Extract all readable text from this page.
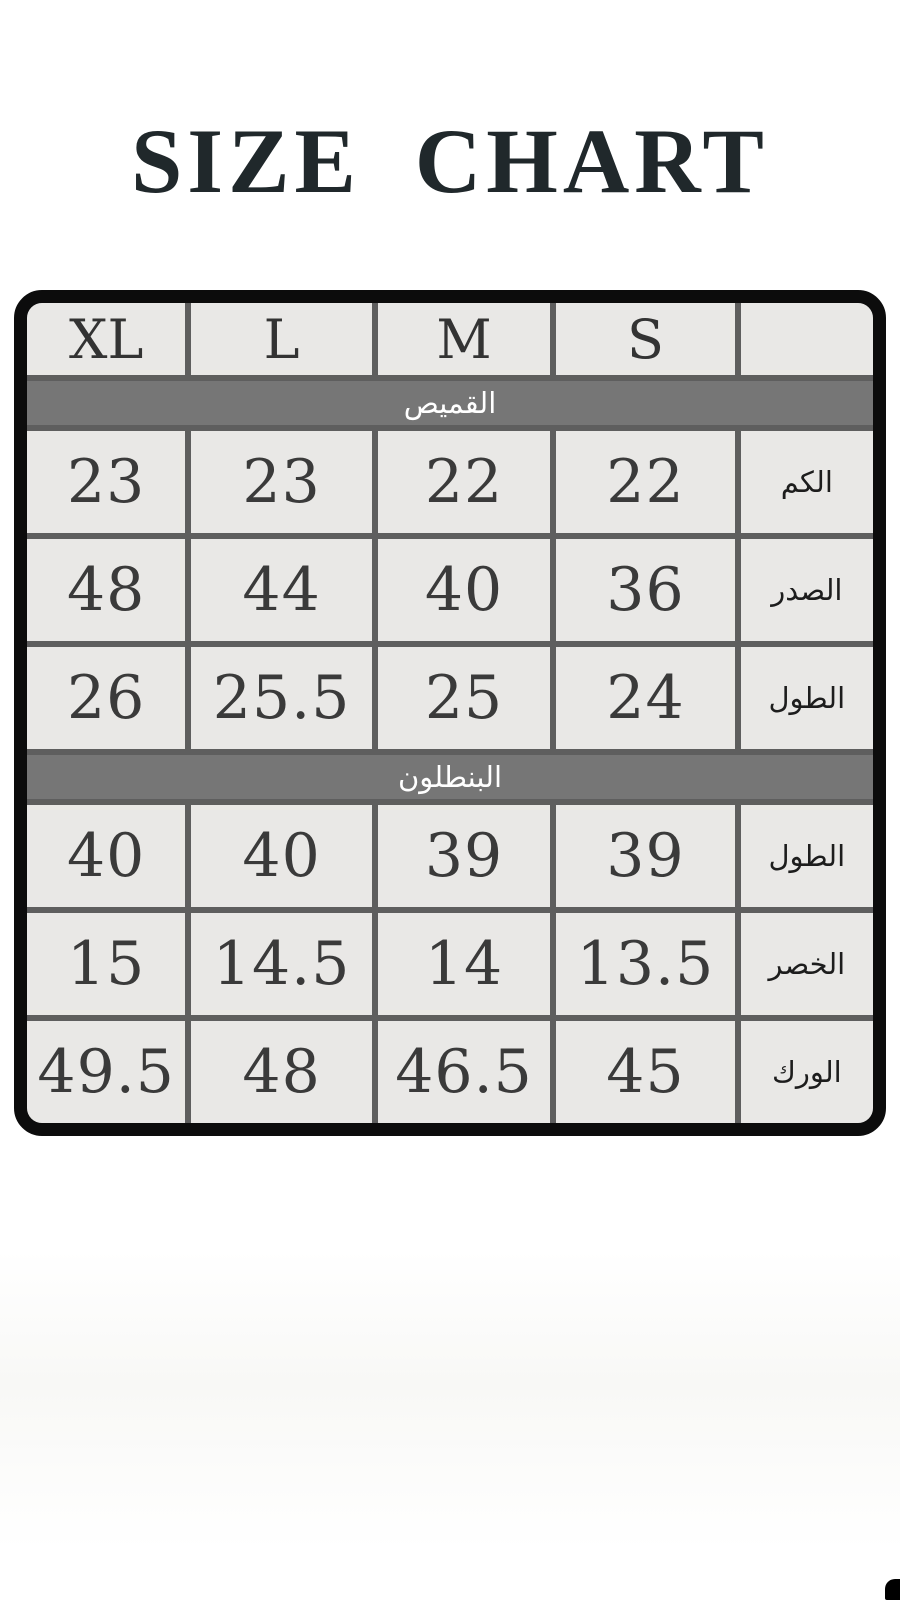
SIZE CHART
XL	L	M	S
القميص
23	23	22	22	الكم
48	44	40	36	الصدر
26	25.5	25	24	الطول
البنطلون
40	40	39	39	الطول
15	14.5	14	13.5	الخصر
49.5	48	46.5	45	الورك
